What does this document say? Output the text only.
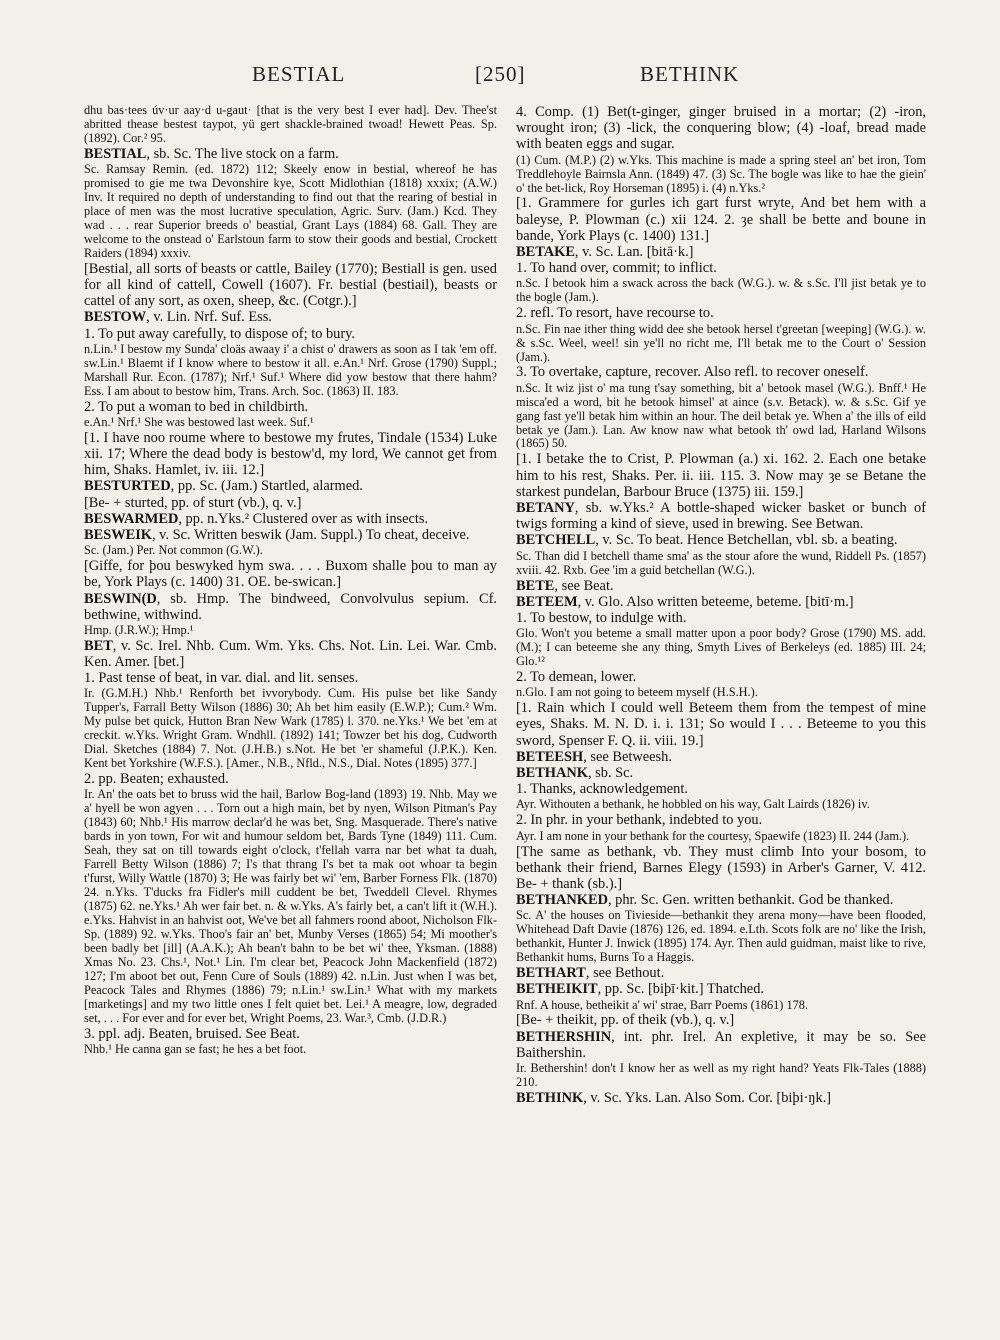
BESTIAL	[250]	BETHINK

dhu bas·tees úv·ur aay·d u-gaut· [that is the very best I ever had]. Dev. Thee'st abritted thease bestest taypot, yü gert shackle-brained twoad! Hewett Peas. Sp. (1892). Cor.² 95.

BESTIAL, sb. Sc. The live stock on a farm.

Sc. Ramsay Remin. (ed. 1872) 112; Skeely enow in bestial, whereof he has promised to gie me twa Devonshire kye, Scott Midlothian (1818) xxxix; (A.W.) Inv. It required no depth of understanding to find out that the rearing of bestial in place of men was the most lucrative speculation, Agric. Surv. (Jam.) Kcd. They wad . . . rear Superior breeds o' beastial, Grant Lays (1884) 68. Gall. They are welcome to the onstead o' Earlstoun farm to stow their goods and bestial, Crockett Raiders (1894) xxxiv.

[Bestial, all sorts of beasts or cattle, Bailey (1770); Bestiall is gen. used for all kind of cattell, Cowell (1607). Fr. bestial (bestiail), beasts or cattel of any sort, as oxen, sheep, &c. (Cotgr.).]

BESTOW, v. Lin. Nrf. Suf. Ess.

1. To put away carefully, to dispose of; to bury.

n.Lin.¹ I bestow my Sunda' cloäs awaay i' a chist o' drawers as soon as I tak 'em off. sw.Lin.¹ Blaemt if I know where to bestow it all. e.An.¹ Nrf. Grose (1790) Suppl.; Marshall Rur. Econ. (1787); Nrf.¹ Suf.¹ Where did yow bestow that there hahm? Ess. I am about to bestow him, Trans. Arch. Soc. (1863) II. 183.

2. To put a woman to bed in childbirth.

e.An.¹ Nrf.¹ She was bestowed last week. Suf.¹

[1. I have noo roume where to bestowe my frutes, Tindale (1534) Luke xii. 17; Where the dead body is bestow'd, my lord, We cannot get from him, Shaks. Hamlet, iv. iii. 12.]

BESTURTED, pp. Sc. (Jam.) Startled, alarmed.

[Be- + sturted, pp. of sturt (vb.), q. v.]

BESWARMED, pp. n.Yks.² Clustered over as with insects.

BESWEIK, v. Sc. Written beswik (Jam. Suppl.) To cheat, deceive.

Sc. (Jam.) Per. Not common (G.W.).

[Giffe, for þou beswyked hym swa. . . . Buxom shalle þou to man ay be, York Plays (c. 1400) 31. OE. be-swican.]

BESWIN(D, sb. Hmp. The bindweed, Convolvulus sepium. Cf. bethwine, withwind.

Hmp. (J.R.W.); Hmp.¹

BET, v. Sc. Irel. Nhb. Cum. Wm. Yks. Chs. Not. Lin. Lei. War. Cmb. Ken. Amer. [bet.]

1. Past tense of beat, in var. dial. and lit. senses.

Ir. (G.M.H.) Nhb.¹ Renforth bet ivvorybody. Cum. His pulse bet like Sandy Tupper's, Farrall Betty Wilson (1886) 30; Ah bet him easily (E.W.P.); Cum.² Wm. My pulse bet quick, Hutton Bran New Wark (1785) l. 370. ne.Yks.¹ We bet 'em at creckit. w.Yks. Wright Gram. Wndhll. (1892) 141; Towzer bet his dog, Cudworth Dial. Sketches (1884) 7. Not. (J.H.B.) s.Not. He bet 'er shameful (J.P.K.). Ken. Kent bet Yorkshire (W.F.S.). [Amer., N.B., Nfld., N.S., Dial. Notes (1895) 377.]

2. pp. Beaten; exhausted.

Ir. An' the oats bet to bruss wid the hail, Barlow Bog-land (1893) 19. Nhb. May we a' hyell be won agyen . . . Torn out a high main, bet by nyen, Wilson Pitman's Pay (1843) 60; Nhb.¹ His marrow declar'd he was bet, Sng. Masquerade. There's native bards in yon town, For wit and humour seldom bet, Bards Tyne (1849) 111. Cum. Seah, they sat on till towards eight o'clock, t'fellah varra nar bet what ta duah, Farrell Betty Wilson (1886) 7; I's that thrang I's bet ta mak oot whoar ta begin t'furst, Willy Wattle (1870) 3; He was fairly bet wi' 'em, Barber Forness Flk. (1870) 24. n.Yks. T'ducks fra Fidler's mill cuddent be bet, Tweddell Clevel. Rhymes (1875) 62. ne.Yks.¹ Ah wer fair bet. n. & w.Yks. A's fairly bet, a can't lift it (W.H.). e.Yks. Hahvist in an hahvist oot, We've bet all fahmers roond aboot, Nicholson Flk-Sp. (1889) 92. w.Yks. Thoo's fair an' bet, Munby Verses (1865) 54; Mi moother's been badly bet [ill] (A.A.K.); Ah bean't bahn to be bet wi' thee, Yksman. (1888) Xmas No. 23. Chs.¹, Not.¹ Lin. I'm clear bet, Peacock John Mackenfield (1872) 127; I'm aboot bet out, Fenn Cure of Souls (1889) 42. n.Lin. Just when I was bet, Peacock Tales and Rhymes (1886) 79; n.Lin.¹ sw.Lin.¹ What with my markets [marketings] and my two little ones I felt quiet bet. Lei.¹ A meagre, low, degraded set, . . . For ever and for ever bet, Wright Poems, 23. War.³, Cmb. (J.D.R.)

3. ppl. adj. Beaten, bruised. See Beat.

Nhb.¹ He canna gan se fast; he hes a bet foot.

4. Comp. (1) Bet(t-ginger, ginger bruised in a mortar; (2) -iron, wrought iron; (3) -lick, the conquering blow; (4) -loaf, bread made with beaten eggs and sugar.

(1) Cum. (M.P.) (2) w.Yks. This machine is made a spring steel an' bet iron, Tom Treddlehoyle Bairnsla Ann. (1849) 47. (3) Sc. The bogle was like to hae the giein' o' the bet-lick, Roy Horseman (1895) i. (4) n.Yks.²

[1. Grammere for gurles ich gart furst wryte, And bet hem with a baleyse, P. Plowman (c.) xii 124. 2. ȝe shall be bette and boune in bande, York Plays (c. 1400) 131.]

BETAKE, v. Sc. Lan. [bitā·k.]

1. To hand over, commit; to inflict.

n.Sc. I betook him a swack across the back (W.G.). w. & s.Sc. I'll jist betak ye to the bogle (Jam.).

2. refl. To resort, have recourse to.

n.Sc. Fin nae ither thing widd dee she betook hersel t'greetan [weeping] (W.G.). w. & s.Sc. Weel, weel! sin ye'll no richt me, I'll betak me to the Court o' Session (Jam.).

3. To overtake, capture, recover. Also refl. to recover oneself.

n.Sc. It wiz jist o' ma tung t'say something, bit a' betook masel (W.G.). Bnff.¹ He misca'ed a word, bit he betook himsel' at aince (s.v. Betack). w. & s.Sc. Gif ye gang fast ye'll betak him within an hour. The deil betak ye. When a' the ills of eild betak ye (Jam.). Lan. Aw know naw what betook th' owd lad, Harland Wilsons (1865) 50.

[1. I betake the to Crist, P. Plowman (a.) xi. 162. 2. Each one betake him to his rest, Shaks. Per. ii. iii. 115. 3. Now may ȝe se Betane the starkest pundelan, Barbour Bruce (1375) iii. 159.]

BETANY, sb. w.Yks.² A bottle-shaped wicker basket or bunch of twigs forming a kind of sieve, used in brewing. See Betwan.

BETCHELL, v. Sc. To beat. Hence Betchellan, vbl. sb. a beating.

Sc. Than did I betchell thame sma' as the stour afore the wund, Riddell Ps. (1857) xviii. 42. Rxb. Gee 'im a guid betchellan (W.G.).

BETE, see Beat.

BETEEM, v. Glo. Also written beteeme, beteme. [bitī·m.]

1. To bestow, to indulge with.

Glo. Won't you beteme a small matter upon a poor body? Grose (1790) MS. add. (M.); I can beteeme she any thing, Smyth Lives of Berkeleys (ed. 1885) III. 24; Glo.¹²

2. To demean, lower.

n.Glo. I am not going to beteem myself (H.S.H.).

[1. Rain which I could well Beteem them from the tempest of mine eyes, Shaks. M. N. D. i. i. 131; So would I . . . Beteeme to you this sword, Spenser F. Q. ii. viii. 19.]

BETEESH, see Betweesh.

BETHANK, sb. Sc.

1. Thanks, acknowledgement.

Ayr. Withouten a bethank, he hobbled on his way, Galt Lairds (1826) iv.

2. In phr. in your bethank, indebted to you.

Ayr. I am none in your bethank for the courtesy, Spaewife (1823) II. 244 (Jam.).

[The same as bethank, vb. They must climb Into your bosom, to bethank their friend, Barnes Elegy (1593) in Arber's Garner, V. 412. Be- + thank (sb.).]

BETHANKED, phr. Sc. Gen. written bethankit. God be thanked.

Sc. A' the houses on Tivieside—bethankit they arena mony—have been flooded, Whitehead Daft Davie (1876) 126, ed. 1894. e.Lth. Scots folk are no' like the Irish, bethankit, Hunter J. Inwick (1895) 174. Ayr. Then auld guidman, maist like to rive, Bethankit hums, Burns To a Haggis.

BETHART, see Bethout.

BETHEIKIT, pp. Sc. [biþī·kit.] Thatched.

Rnf. A house, betheikit a' wi' strae, Barr Poems (1861) 178.

[Be- + theikit, pp. of theik (vb.), q. v.]

BETHERSHIN, int. phr. Irel. An expletive, it may be so. See Baithershin.

Ir. Bethershin! don't I know her as well as my right hand? Yeats Flk-Tales (1888) 210.

BETHINK, v. Sc. Yks. Lan. Also Som. Cor. [biþi·ŋk.]
